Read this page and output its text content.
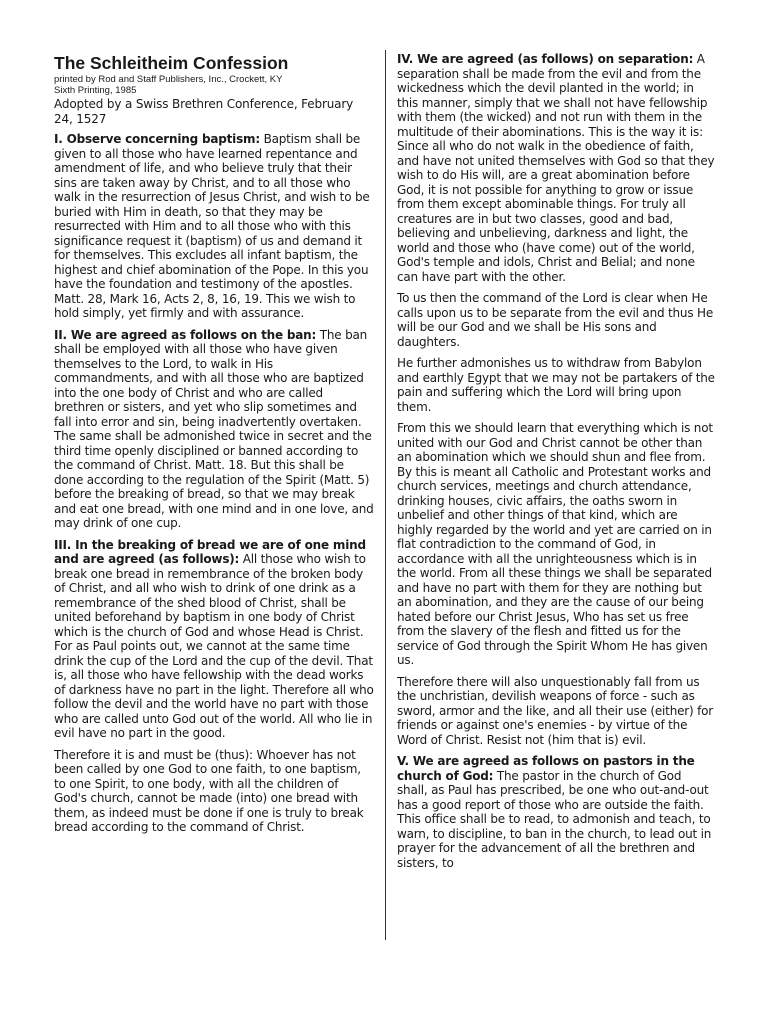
The Schleitheim Confession

printed by Rod and Staff Publishers, Inc., Crockett, KY

Sixth Printing, 1985

Adopted by a Swiss Brethren Conference, February 24, 1527

I. Observe concerning baptism: Baptism shall be given to all those who have learned repentance and amendment of life, and who believe truly that their sins are taken away by Christ, and to all those who walk in the resurrection of Jesus Christ, and wish to be buried with Him in death, so that they may be resurrected with Him and to all those who with this significance request it (baptism) of us and demand it for themselves. This excludes all infant baptism, the highest and chief abomination of the Pope. In this you have the foundation and testimony of the apostles. Matt. 28, Mark 16, Acts 2, 8, 16, 19. This we wish to hold simply, yet firmly and with assurance.

II. We are agreed as follows on the ban: The ban shall be employed with all those who have given themselves to the Lord, to walk in His commandments, and with all those who are baptized into the one body of Christ and who are called brethren or sisters, and yet who slip sometimes and fall into error and sin, being inadvertently overtaken. The same shall be admonished twice in secret and the third time openly disciplined or banned according to the command of Christ. Matt. 18. But this shall be done according to the regulation of the Spirit (Matt. 5) before the breaking of bread, so that we may break and eat one bread, with one mind and in one love, and may drink of one cup.

III. In the breaking of bread we are of one mind and are agreed (as follows): All those who wish to break one bread in remembrance of the broken body of Christ, and all who wish to drink of one drink as a remembrance of the shed blood of Christ, shall be united beforehand by baptism in one body of Christ which is the church of God and whose Head is Christ. For as Paul points out, we cannot at the same time drink the cup of the Lord and the cup of the devil. That is, all those who have fellowship with the dead works of darkness have no part in the light. Therefore all who follow the devil and the world have no part with those who are called unto God out of the world. All who lie in evil have no part in the good.

Therefore it is and must be (thus): Whoever has not been called by one God to one faith, to one baptism, to one Spirit, to one body, with all the children of God's church, cannot be made (into) one bread with them, as indeed must be done if one is truly to break bread according to the command of Christ.

IV. We are agreed (as follows) on separation: A separation shall be made from the evil and from the wickedness which the devil planted in the world; in this manner, simply that we shall not have fellowship with them (the wicked) and not run with them in the multitude of their abominations. This is the way it is: Since all who do not walk in the obedience of faith, and have not united themselves with God so that they wish to do His will, are a great abomination before God, it is not possible for anything to grow or issue from them except abominable things. For truly all creatures are in but two classes, good and bad, believing and unbelieving, darkness and light, the world and those who (have come) out of the world, God's temple and idols, Christ and Belial; and none can have part with the other.

To us then the command of the Lord is clear when He calls upon us to be separate from the evil and thus He will be our God and we shall be His sons and daughters.

He further admonishes us to withdraw from Babylon and earthly Egypt that we may not be partakers of the pain and suffering which the Lord will bring upon them.

From this we should learn that everything which is not united with our God and Christ cannot be other than an abomination which we should shun and flee from. By this is meant all Catholic and Protestant works and church services, meetings and church attendance, drinking houses, civic affairs, the oaths sworn in unbelief and other things of that kind, which are highly regarded by the world and yet are carried on in flat contradiction to the command of God, in accordance with all the unrighteousness which is in the world. From all these things we shall be separated and have no part with them for they are nothing but an abomination, and they are the cause of our being hated before our Christ Jesus, Who has set us free from the slavery of the flesh and fitted us for the service of God through the Spirit Whom He has given us.

Therefore there will also unquestionably fall from us the unchristian, devilish weapons of force - such as sword, armor and the like, and all their use (either) for friends or against one's enemies - by virtue of the Word of Christ. Resist not (him that is) evil.

V. We are agreed as follows on pastors in the church of God: The pastor in the church of God shall, as Paul has prescribed, be one who out-and-out has a good report of those who are outside the faith. This office shall be to read, to admonish and teach, to warn, to discipline, to ban in the church, to lead out in prayer for the advancement of all the brethren and sisters, to
